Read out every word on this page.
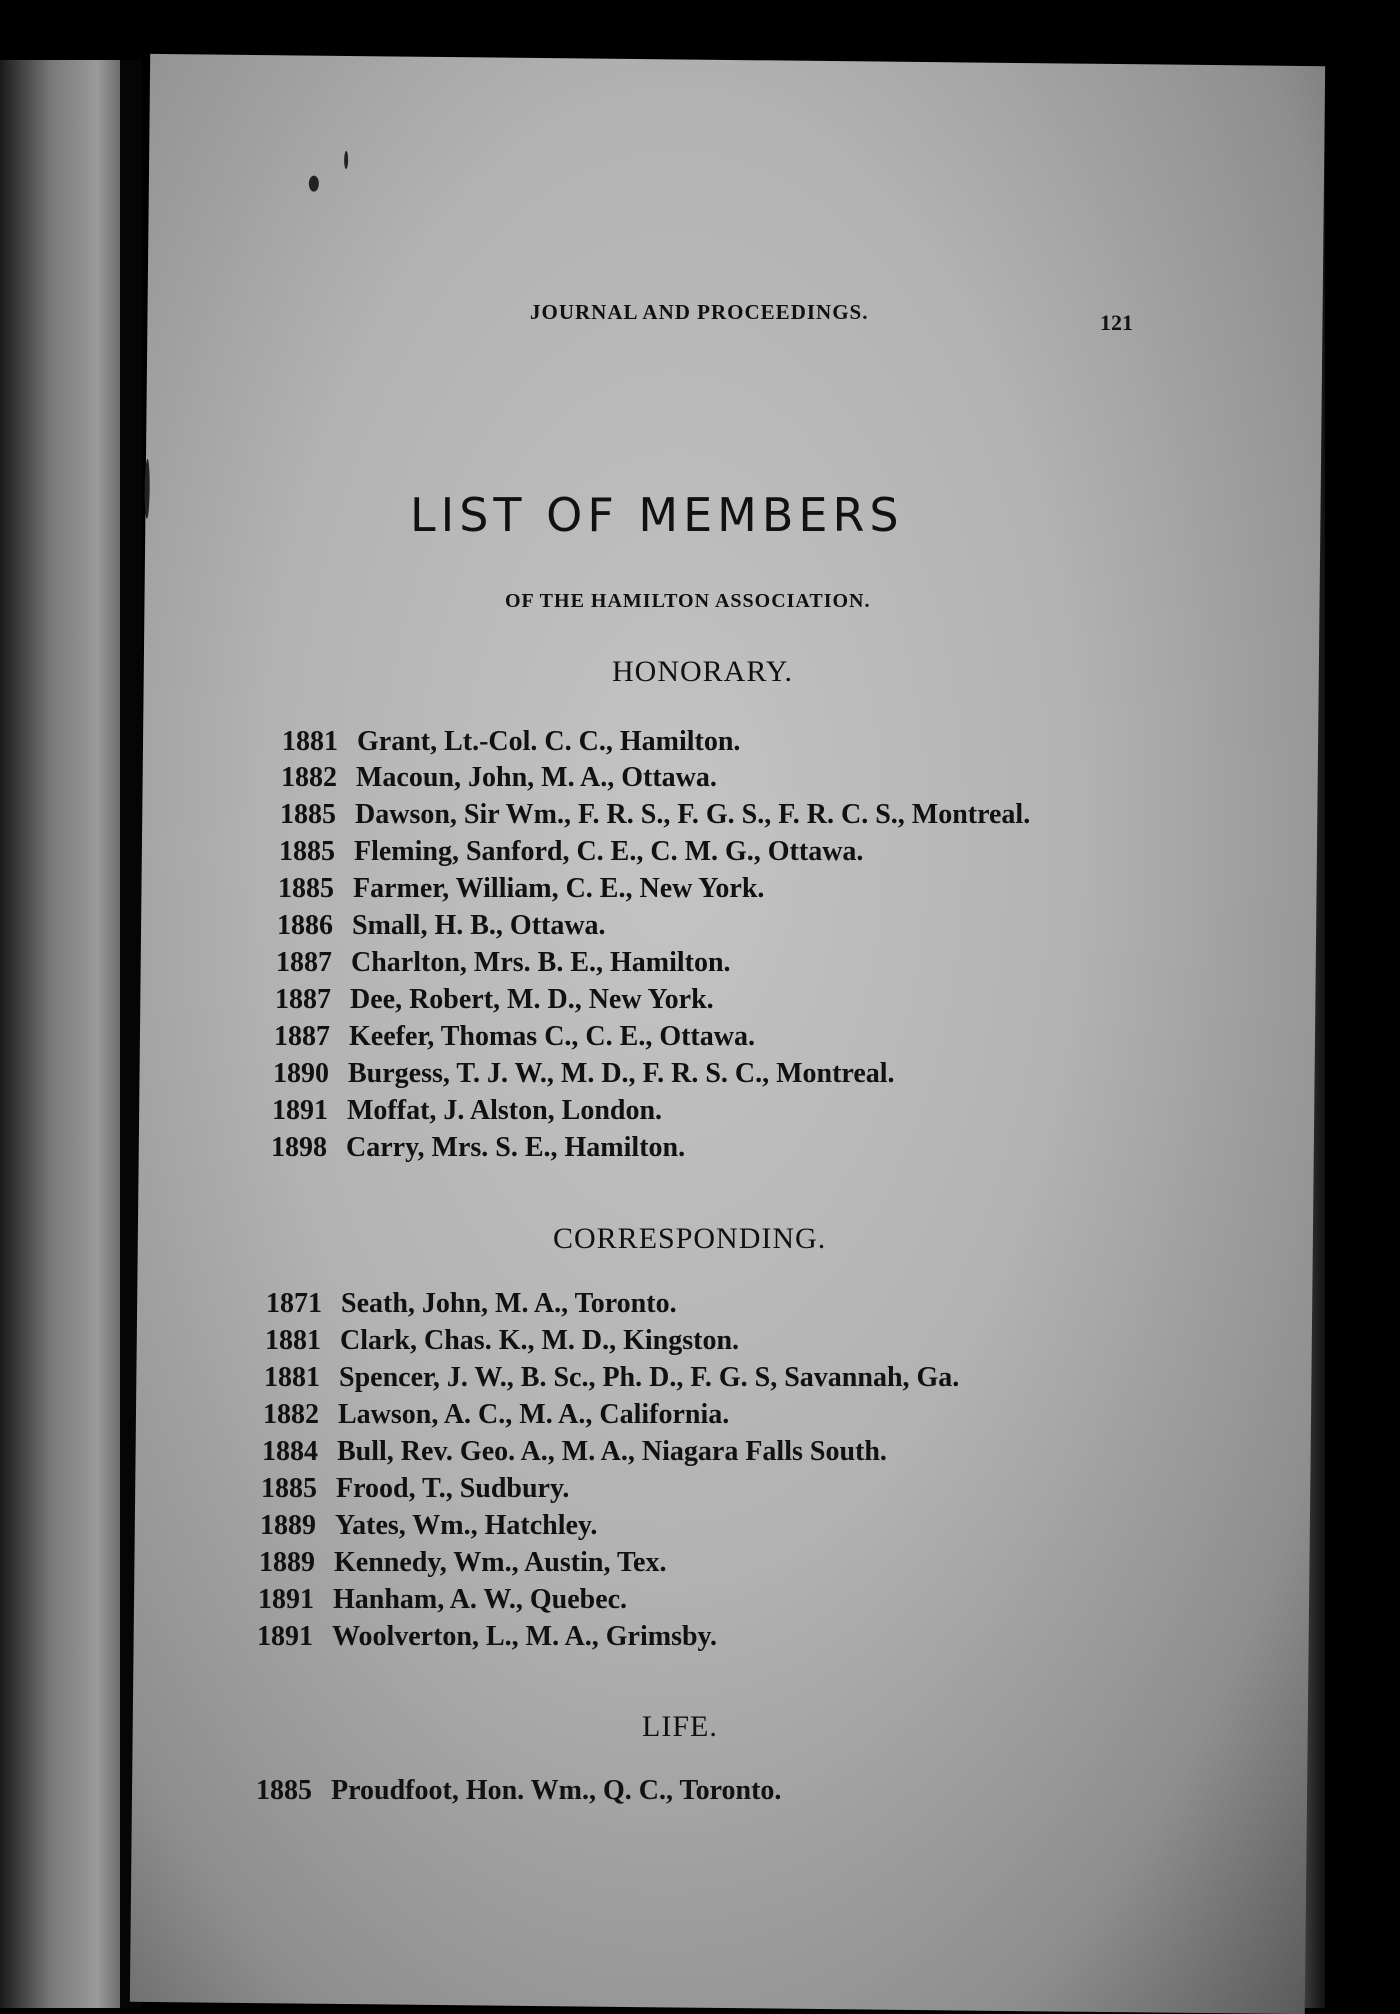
JOURNAL AND PROCEEDINGS.	121
LIST OF MEMBERS
OF THE HAMILTON ASSOCIATION.
HONORARY.
1881 Grant, Lt.-Col. C. C., Hamilton.
1882 Macoun, John, M. A., Ottawa.
1885 Dawson, Sir Wm., F. R. S., F. G. S., F. R. C. S., Montreal.
1885 Fleming, Sanford, C. E., C. M. G., Ottawa.
1885 Farmer, William, C. E., New York.
1886 Small, H. B., Ottawa.
1887 Charlton, Mrs. B. E., Hamilton.
1887 Dee, Robert, M. D., New York.
1887 Keefer, Thomas C., C. E., Ottawa.
1890 Burgess, T. J. W., M. D., F. R. S. C., Montreal.
1891 Moffat, J. Alston, London.
1898 Carry, Mrs. S. E., Hamilton.
CORRESPONDING.
1871 Seath, John, M. A., Toronto.
1881 Clark, Chas. K., M. D., Kingston.
1881 Spencer, J. W., B. Sc., Ph. D., F. G. S, Savannah, Ga.
1882 Lawson, A. C., M. A., California.
1884 Bull, Rev. Geo. A., M. A., Niagara Falls South.
1885 Frood, T., Sudbury.
1889 Yates, Wm., Hatchley.
1889 Kennedy, Wm., Austin, Tex.
1891 Hanham, A. W., Quebec.
1891 Woolverton, L., M. A., Grimsby.
LIFE.
1885 Proudfoot, Hon. Wm., Q. C., Toronto.
